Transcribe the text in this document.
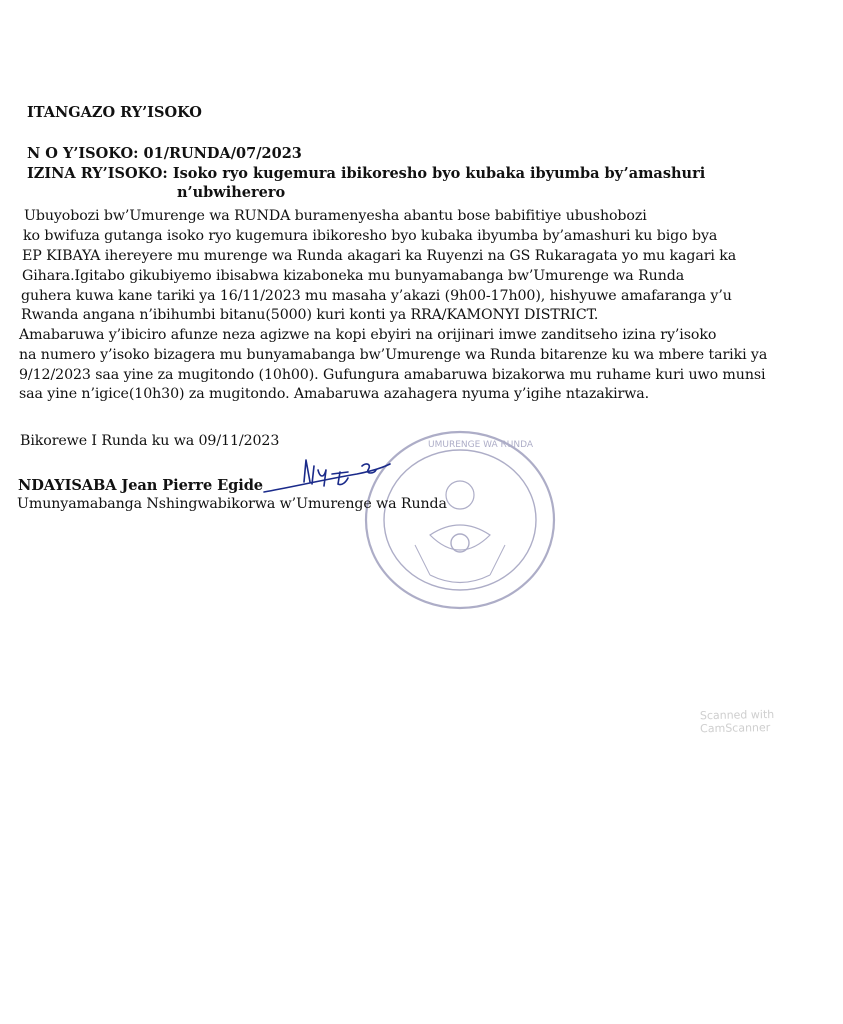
ITANGAZO RY’ISOKO
N O Y’ISOKO: 01/RUNDA/07/2023
IZINA RY’ISOKO: Isoko ryo kugemura ibikoresho byo kubaka ibyumba by’amashuri
n’ubwiherero
Ubuyobozi bw’Umurenge wa RUNDA buramenyesha abantu bose babifitiye ubushobozi
ko bwifuza gutanga isoko ryo kugemura ibikoresho byo kubaka ibyumba by’amashuri ku bigo bya
EP KIBAYA ihereyere mu murenge wa Runda akagari ka Ruyenzi na GS Rukaragata yo mu kagari ka
Gihara.Igitabo gikubiyemo ibisabwa kizaboneka mu bunyamabanga bw’Umurenge wa Runda
guhera kuwa kane tariki ya 16/11/2023 mu masaha y’akazi (9h00-17h00), hishyuwe amafaranga y’u
Rwanda angana n’ibihumbi bitanu(5000) kuri konti ya RRA/KAMONYI DISTRICT.
Amabaruwa y’ibiciro afunze neza agizwe na kopi ebyiri na orijinari imwe zanditseho izina ry’isoko
na numero y’isoko bizagera mu bunyamabanga bw’Umurenge wa Runda bitarenze ku wa mbere tariki ya
9/12/2023 saa yine za mugitondo (10h00). Gufungura amabaruwa bizakorwa mu ruhame kuri uwo munsi
saa yine n’igice(10h30) za mugitondo. Amabaruwa azahagera nyuma y’igihe ntazakirwa.
UMURENGE WA RUNDA
Bikorewe I Runda ku wa 09/11/2023
NDAYISABA Jean Pierre Egide
Umunyamabanga Nshingwabikorwa w’Umurenge wa Runda
Scanned with CamScanner
